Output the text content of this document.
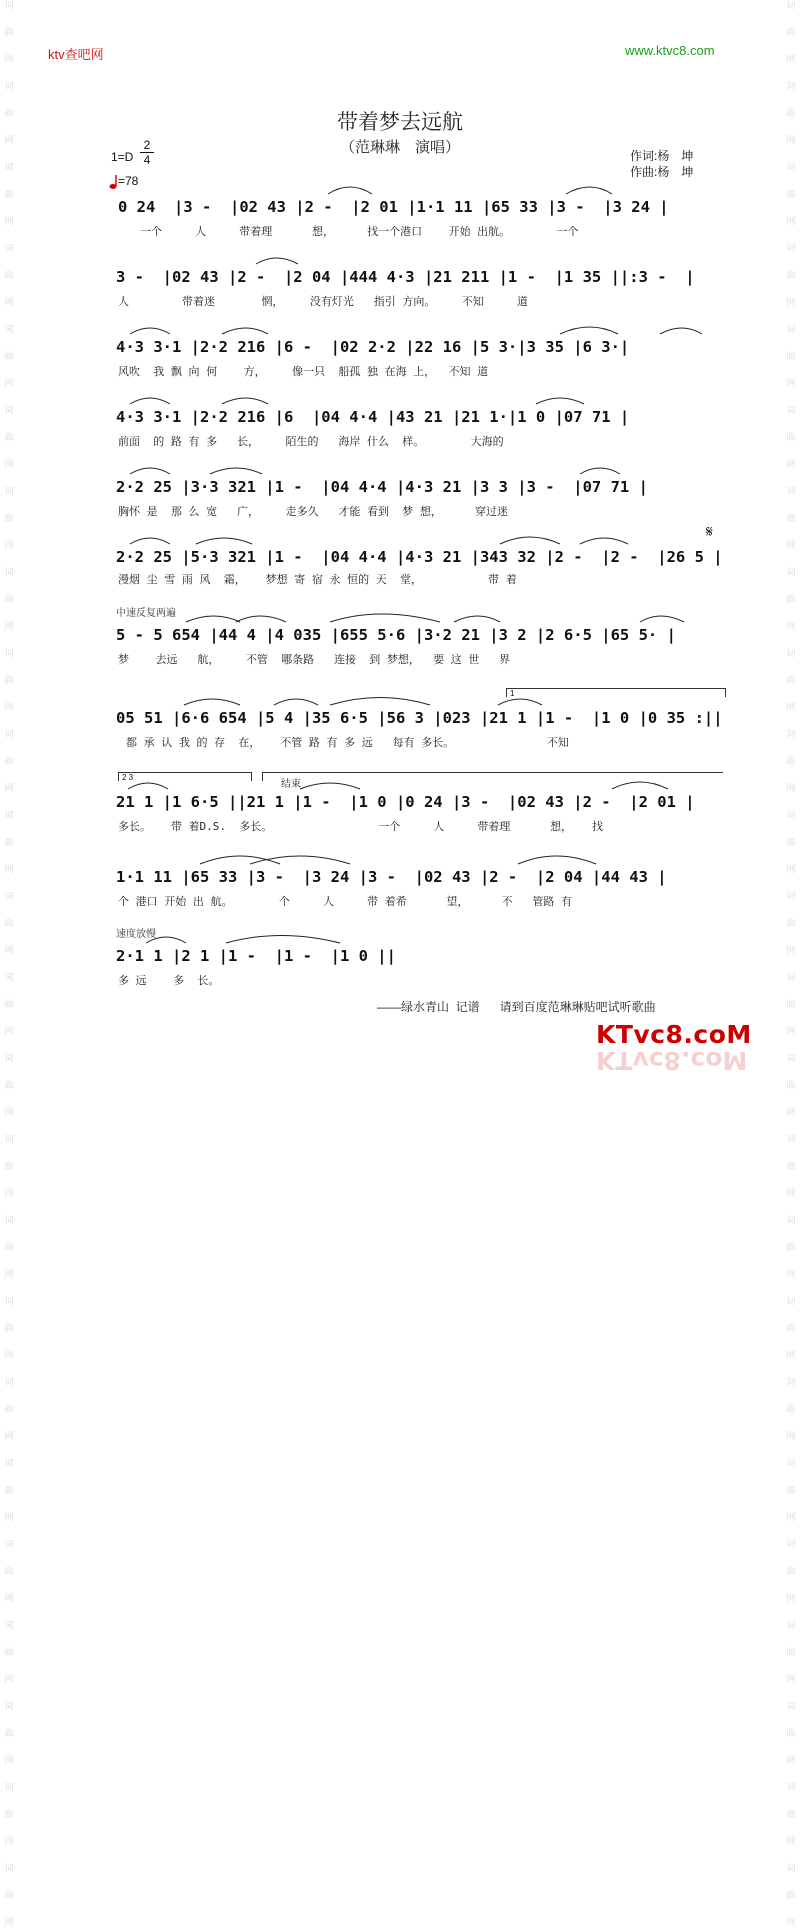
词
曲
网
词
曲
网
词
曲
网
词
曲
网
词
曲
网
词
曲
网
词
曲
网
词
曲
网
词
曲
网
词
曲
网
词
曲
网
词
曲
网
词
曲
网
词
曲
网
词
曲
网
词
曲
网
词
曲
网
词
曲
网
词
曲
网
词
曲
网
词
曲
网
词
曲
网
词
曲
网
词
曲
网
词
曲
网
词
曲
网
词
曲
网
词
曲
网
词
曲
网
词
曲
网
词
曲
网
词
曲
网
词
曲
网
词
曲
网
词
曲
网
词
曲
网
词
曲
网
词
曲
网
词
曲
网
词
曲
网
词
曲
网
词
曲
网
词
曲
网
词
曲
网
词
曲
网
词
曲
网
词
曲
网
词
曲
网
ktv查吧网	www.ktvc8.com
带着梦去远航
（范琳琳　演唱）
1=D
2
4
=78
作词:杨　坤
作曲:杨　坤
0 24  |3 -  |02 43 |2 -  |2 01 |1·1 11 |65 33 |3 -  |3 24 |
一个     人     带着理      想，     找一个港口    开始 出航。       一个
3 -  |02 43 |2 -  |2 04 |444 4·3 |21 211 |1 -  |1 35 ||:3 -  |
人        带着迷       惘，    没有灯光   指引 方向。    不知     道
4·3 3·1 |2·2 216 |6 -  |02 2·2 |22 16 |5 3·|3 35 |6 3·|
风吹  我 飘 向 何    方，    像一只  船孤 独 在海 上，  不知 道
4·3 3·1 |2·2 216 |6  |04 4·4 |43 21 |21 1·|1 0 |07 71 |
前面  的 路 有 多   长，    陌生的   海岸 什么  样。       大海的
2·2 25 |3·3 321 |1 -  |04 4·4 |4·3 21 |3 3 |3 -  |07 71 |
胸怀 是  那 么 宽   广，    走多久   才能 看到  梦 想，     穿过迷
2·2 25 |5·3 321 |1 -  |04 4·4 |4·3 21 |343 32 |2 -  |2 -  |26 5 |
漫烟 尘 雪 雨 风  霜，   梦想 寄 宿 永 恒的 天  堂，          带 着
5 - 5 654 |44 4 |4 035 |655 5·6 |3·2 21 |3 2 |2 6·5 |65 5· |
梦    去远   航，    不管  哪条路   连接  到 梦想，  要 这 世   界
05 51 |6·6 654 |5 4 |35 6·5 |56 3 |023 |21 1 |1 -  |1 0 |0 35 :||
都 承 认 我 的 存  在，   不管 路 有 多 远   每有 多长。              不知
21 1 |1 6·5 ||21 1 |1 -  |1 0 |0 24 |3 -  |02 43 |2 -  |2 01 |
多长。   带 着D.S.  多长。                一个     人     带着理      想，   找
1·1 11 |65 33 |3 -  |3 24 |3 -  |02 43 |2 -  |2 04 |44 43 |
个 港口 开始 出 航。       个     人     带 着希      望，     不   管路 有
2·1 1 |2 1 |1 -  |1 -  |1 0 ||
多 远    多  长。
𝄋
中速反复两遍
1
2 3
结束
速度放慢
——绿水青山  记谱      请到百度范琳琳贴吧试听歌曲
KTvc8.coM
KTvc8.coM
